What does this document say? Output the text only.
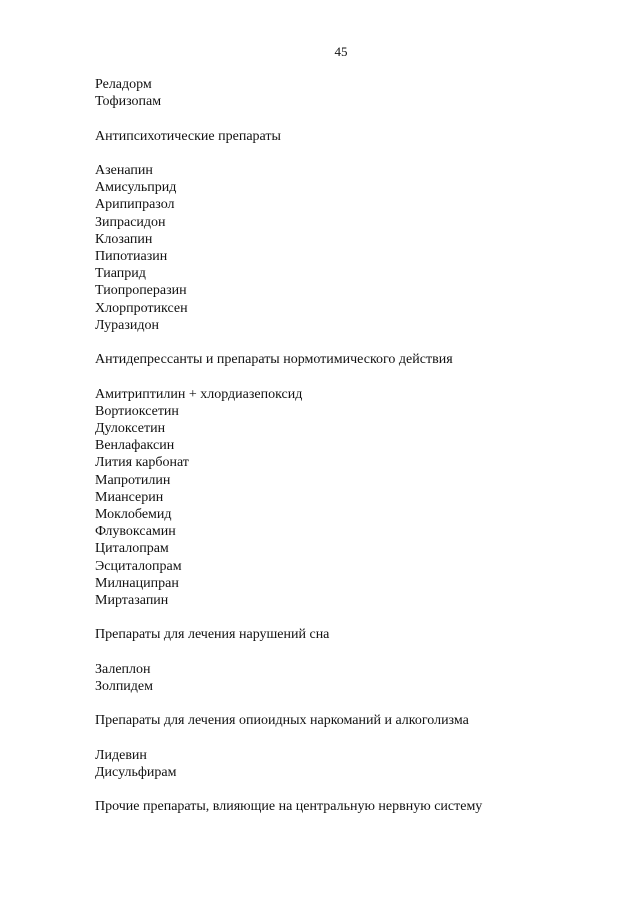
45
Реладорм
Тофизопам
Антипсихотические препараты
Азенапин
Амисульприд
Арипипразол
Зипрасидон
Клозапин
Пипотиазин
Тиаприд
Тиопроперазин
Хлорпротиксен
Луразидон
Антидепрессанты и препараты нормотимического действия
Амитриптилин + хлордиазепоксид
Вортиоксетин
Дулоксетин
Венлафаксин
Лития карбонат
Мапротилин
Миансерин
Моклобемид
Флувоксамин
Циталопрам
Эсциталопрам
Милнаципран
Миртазапин
Препараты для лечения нарушений сна
Залеплон
Золпидем
Препараты для лечения опиоидных наркоманий и алкоголизма
Лидевин
Дисульфирам
Прочие препараты, влияющие на центральную нервную систему
